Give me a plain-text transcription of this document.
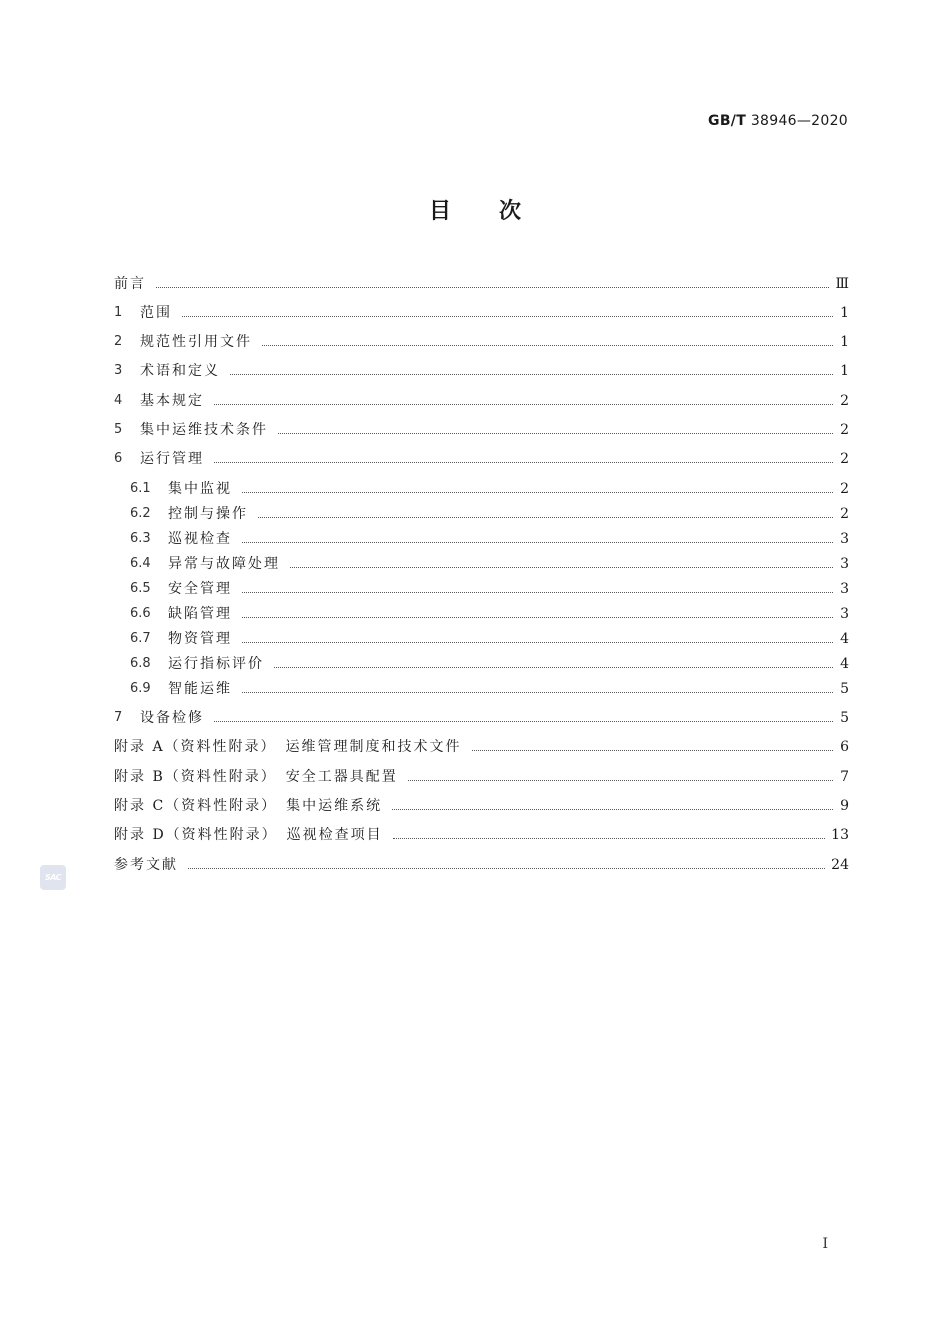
GB/T 38946—2020
目次
前言	Ⅲ
1	范围	1
2	规范性引用文件	1
3	术语和定义	1
4	基本规定	2
5	集中运维技术条件	2
6	运行管理	2
6.1	集中监视	2
6.2	控制与操作	2
6.3	巡视检查	3
6.4	异常与故障处理	3
6.5	安全管理	3
6.6	缺陷管理	3
6.7	物资管理	4
6.8	运行指标评价	4
6.9	智能运维	5
7	设备检修	5
附录 A（资料性附录）　运维管理制度和技术文件	6
附录 B（资料性附录）　安全工器具配置	7
附录 C（资料性附录）　集中运维系统	9
附录 D（资料性附录）　巡视检查项目	13
参考文献	24
SAC
Ⅰ
